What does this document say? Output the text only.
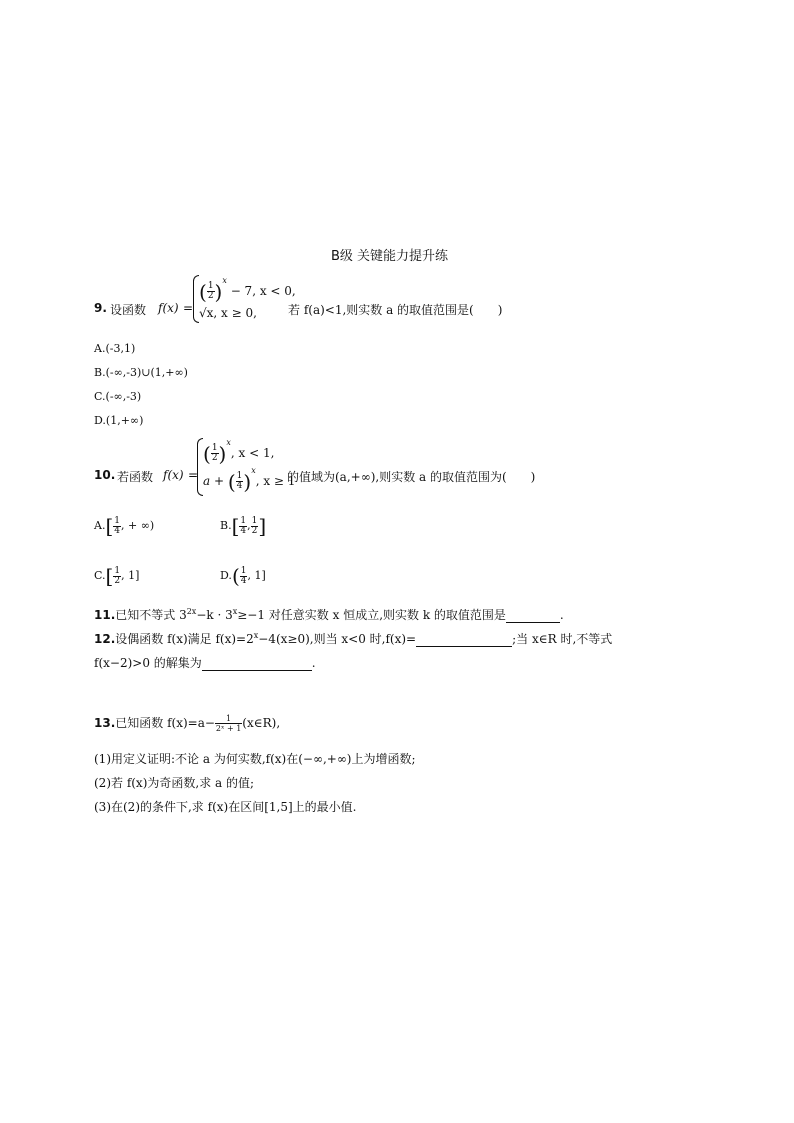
B级 关键能力提升练
9. 设函数 f(x) =
( $\frac{1}{2} )^x - 7$, x < 0,
√x, x ≥ 0,	若 f(a)<1,则实数 a 的取值范围是(　　)
A.(-3,1)
B.(-∞,-3)∪(1,+∞)
C.(-∞,-3)
D.(1,+∞)
10. 若函数 f(x) =
( $\frac{1}{2} )^x$, x < 1,
a + ( $\frac{1}{4} )^x$, x ≥ 1
的值域为(a,+∞),则实数 a 的取值范围为(　　)
$A.[ \frac{1}{4}$ , + ∞)	$B.[ \frac{1}{4}$ , $\frac{1}{2}$ ]
$C.[ \frac{1}{2}$ , 1]	$D.( \frac{1}{4}$ , 1]
11.已知不等式 $3^{2x}-k \cdot 3^x\ge-1$ 对任意实数 x 恒成立,则实数 k 的取值范围是	.
12.设偶函数 f(x)满足 $f(x)=2^x-4(x\ge 0)$,则当 x<0 时,f(x)=	;当 x∈R 时,不等式
f(x−2)>0 的解集为	.
13.已知函数 $f(x)=a- \frac{1}{\text{2ˣ + 1}}$ (x∈R),
(1)用定义证明:不论 a 为何实数,f(x)在(−∞,+∞)上为增函数;
(2)若 f(x)为奇函数,求 a 的值;
(3)在(2)的条件下,求 f(x)在区间[1,5]上的最小值.
